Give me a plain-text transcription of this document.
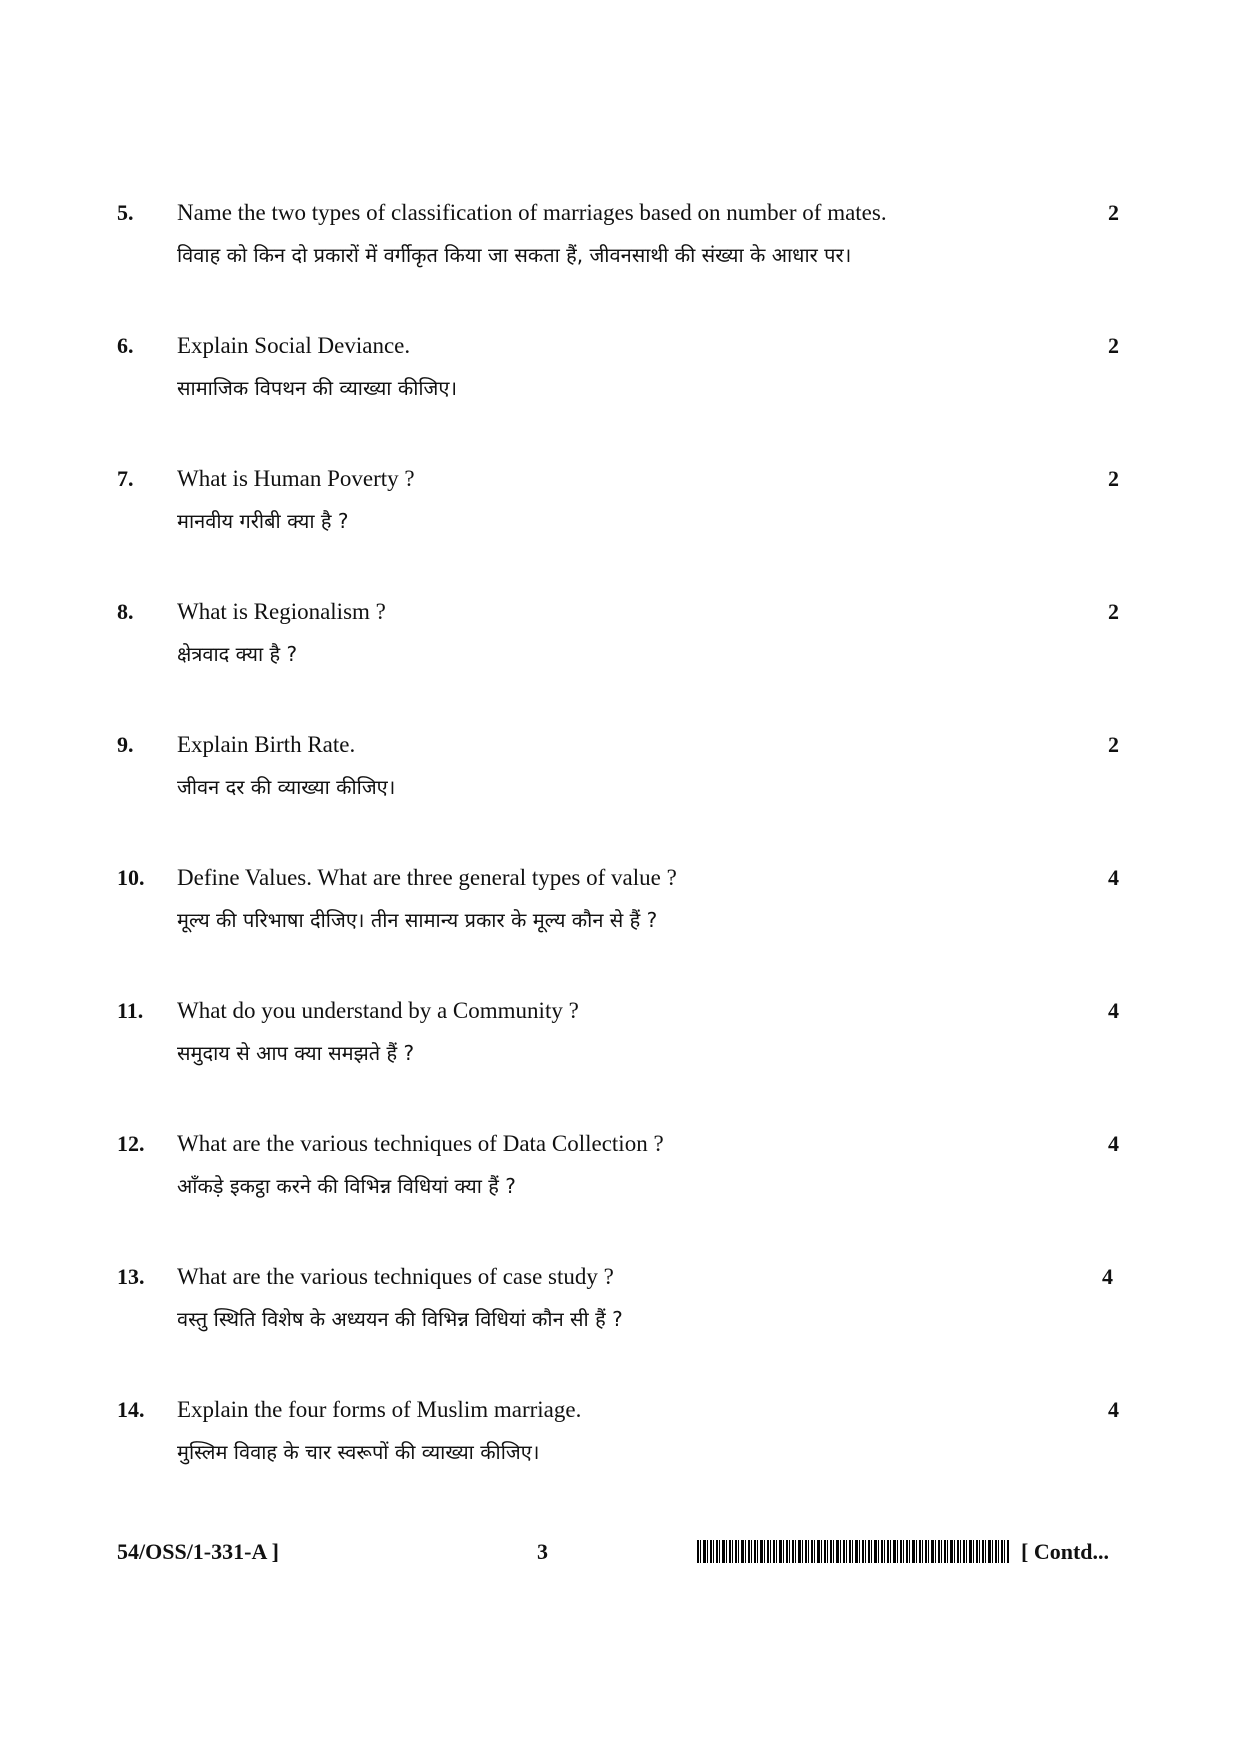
5. Name the two types of classification of marriages based on number of mates.
विवाह को किन दो प्रकारों में वर्गीकृत किया जा सकता हैं, जीवनसाथी की संख्या के आधार पर।
2
6. Explain Social Deviance.
सामाजिक विपथन की व्याख्या कीजिए।
2
7. What is Human Poverty ?
मानवीय गरीबी क्या है ?
2
8. What is Regionalism ?
क्षेत्रवाद क्या है ?
2
9. Explain Birth Rate.
जीवन दर की व्याख्या कीजिए।
2
10. Define Values. What are three general types of value ?
मूल्य की परिभाषा दीजिए। तीन सामान्य प्रकार के मूल्य कौन से हैं ?
4
11. What do you understand by a Community ?
समुदाय से आप क्या समझते हैं ?
4
12. What are the various techniques of Data Collection ?
आँकड़े इकट्ठा करने की विभिन्न विधियां क्या हैं ?
4
13. What are the various techniques of case study ?
वस्तु स्थिति विशेष के अध्ययन की विभिन्न विधियां कौन सी हैं ?
4
14. Explain the four forms of Muslim marriage.
मुस्लिम विवाह के चार स्वरूपों की व्याख्या कीजिए।
4
54/OSS/1-331-A ]	3	[ Contd...
